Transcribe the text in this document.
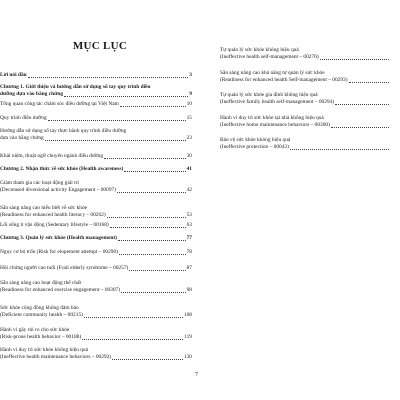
MỤC LỤC
Lời nói đầu	3
Chương 1. Giới thiệu và hướng dẫn sử dụng sổ tay quy trình điều
dưỡng dựa vào bằng chứng	9
Tổng quan công tác chăm sóc điều dưỡng tại Việt Nam	10
Quy trình điều dưỡng	15
Hướng dẫn sử dụng sổ tay thực hành quy trình điều dưỡng
dựa vào bằng chứng	23
Khái niệm, thuật ngữ chuyên ngành điều dưỡng	30
Chương 2. Nhận thức về sức khỏe (Health awareness)	41
Giảm tham gia các hoạt động giải trí
(Decreased diversional activity Engagement – 00097)	42
Sẵn sàng nâng cao hiểu biết về sức khỏe
(Readiness for enhanced health literacy – 00262)	53
Lối sống ít vận động (Sedentary lifestyle – 00168)	63
Chương 3. Quản lý sức khỏe (Health management)	77
Nguy cơ bỏ trốn (Risk for elopement attempt – 00290)	78
Hội chứng người cao tuổi (Frail elderly syndrome – 00257)	87
Sẵn sàng nâng cao hoạt động thể chất
(Readiness for enhanced exercise engagement – 00307)	98
Sức khỏe cộng đồng không đảm bảo
(Deficient community health – 00215)	108
Hành vi gây rủi ro cho sức khỏe
(Risk-prone health behavior – 00188)	119
Hành vi duy trì sức khỏe không hiệu quả
(Ineffective health maintenance behaviors – 00292)	130
Tự quản lý sức khỏe không hiệu quả
(Ineffective health self-management – 00276)
Sẵn sàng nâng cao khả năng tự quản lý sức khỏe
(Readiness for enhanced health Self-management – 00293)
Tự quản lý sức khỏe gia đình không hiệu quả
(Ineffective family health self-management – 00294)
Hành vi duy trì sức khỏe tại nhà không hiệu quả
(Ineffective home maintenance behaviors – 00300)
Bảo vệ sức khỏe không hiệu quả
(Ineffective protection – 00043)
7
